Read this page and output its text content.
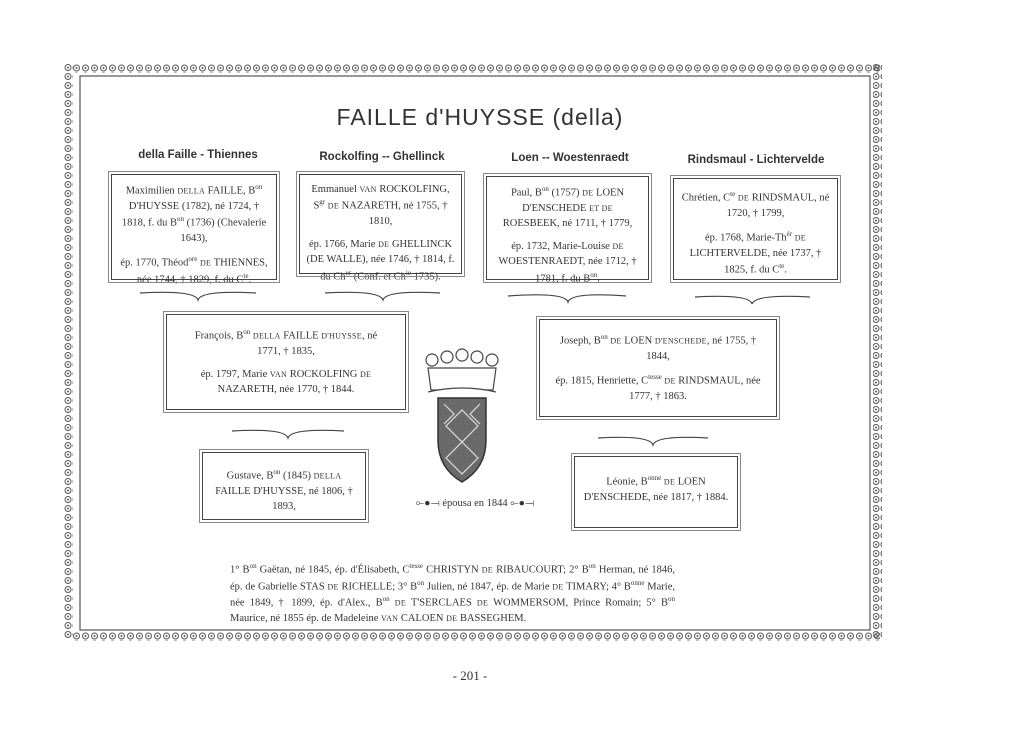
FAILLE d'HUYSSE (della)
della Faille - Thiennes	Rockolfing -- Ghellinck	Loen -- Woestenraedt	Rindsmaul - Lichtervelde

Maximilien DELLA FAILLE, $B^{on}$ D'HUYSSE (1782), né 1724, † 1818, f. du $B^{on}$ (1736) (Chevalerie 1643),

ép. 1770, Théod$^{ore}$ DE THIENNES, née 1744, † 1829, f. du $C^{te}$.

Emmanuel VAN ROCKOLFING, $S^{gr}$ DE NAZARETH, né 1755, † 1810,

ép. 1766, Marie DE GHELLINCK (DE WALLE), née 1746, † 1814, f. du $Ch^{er}$ (Conf. et $Ch^{ie}$ 1735).

Paul, $B^{on}$ (1757) DE LOEN D'ENSCHEDE ET DE ROESBEEK, né 1711, † 1779,

ép. 1732, Marie-Louise DE WOESTENRAEDT, née 1712, † 1781, f. du $B^{on}$.

Chrétien, $C^{te}$ DE RINDSMAUL, né 1720, † 1799,

ép. 1768, Marie-$Th^{ér}$ DE LICHTERVELDE, née 1737, † 1825, f. du $C^{te}$.

François, $B^{on}$ DELLA FAILLE D'HUYSSE, né 1771, † 1835,

ép. 1797, Marie VAN ROCKOLFING DE NAZARETH, née 1770, † 1844.

Joseph, $B^{on}$ DE LOEN D'ENSCHEDE, né 1755, † 1844,

ép. 1815, Henriette, $C^{tesse}$ DE RINDSMAUL, née 1777, † 1863.

Gustave, $B^{on}$ (1845) DELLA FAILLE D'HUYSSE, né 1806, † 1893,

Léonie, $B^{onne}$ DE LOEN D'ENSCHEDE, née 1817, † 1884.

⟜●⟞ épousa en 1844 ⟜●⟞
1° $B^{on}$ Gaëtan, né 1845, ép. d'Élisabeth, $C^{tesse}$ CHRISTYN DE RIBAUCOURT; 2° $B^{on}$ Herman, né 1846, ép. de Gabrielle STAS DE RICHELLE; 3° $B^{on}$ Julien, né 1847, ép. de Marie DE TIMARY; 4° $B^{onne}$ Marie, née 1849, † 1899, ép. d'Alex., $B^{on}$ DE T'SERCLAES DE WOMMERSOM, Prince Romain; 5° $B^{on}$ Maurice, né 1855 ép. de Madeleine VAN CALOEN DE BASSEGHEM.
- 201 -
